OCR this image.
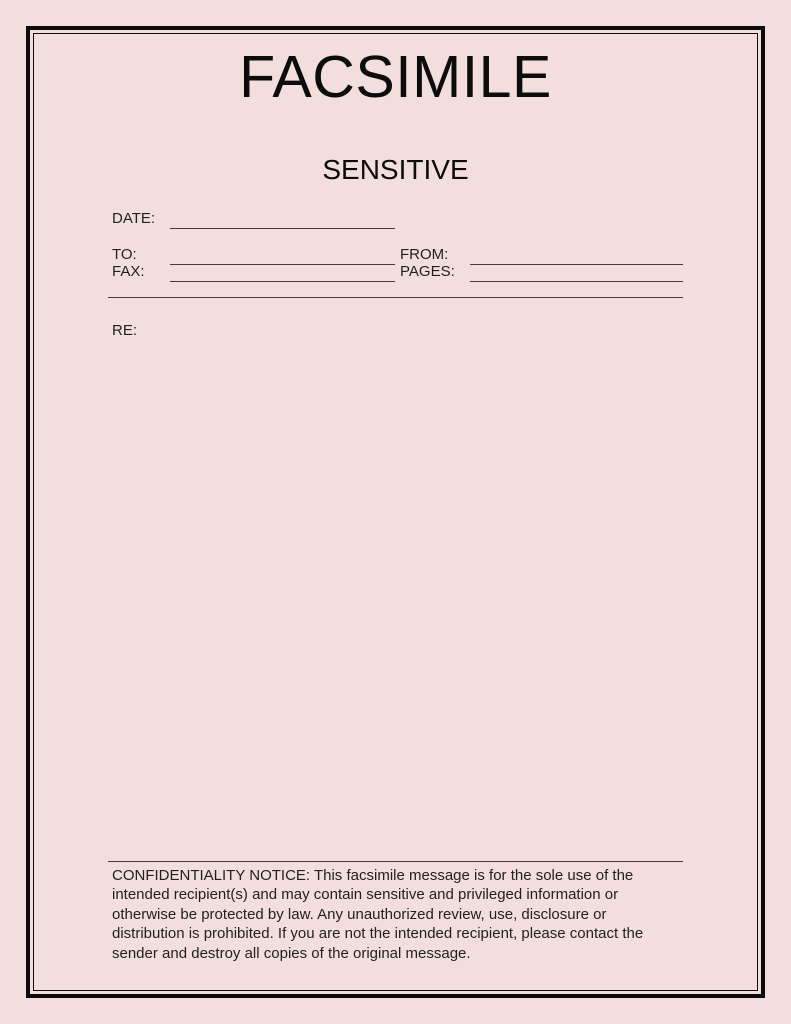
FACSIMILE
SENSITIVE
DATE:
TO:
FAX:
FROM:
PAGES:
RE:

CONFIDENTIALITY NOTICE: This facsimile message is for the sole use of the intended recipient(s) and may contain sensitive and privileged information or otherwise be protected by law. Any unauthorized review, use, disclosure or distribution is prohibited. If you are not the intended recipient, please contact the sender and destroy all copies of the original message.
